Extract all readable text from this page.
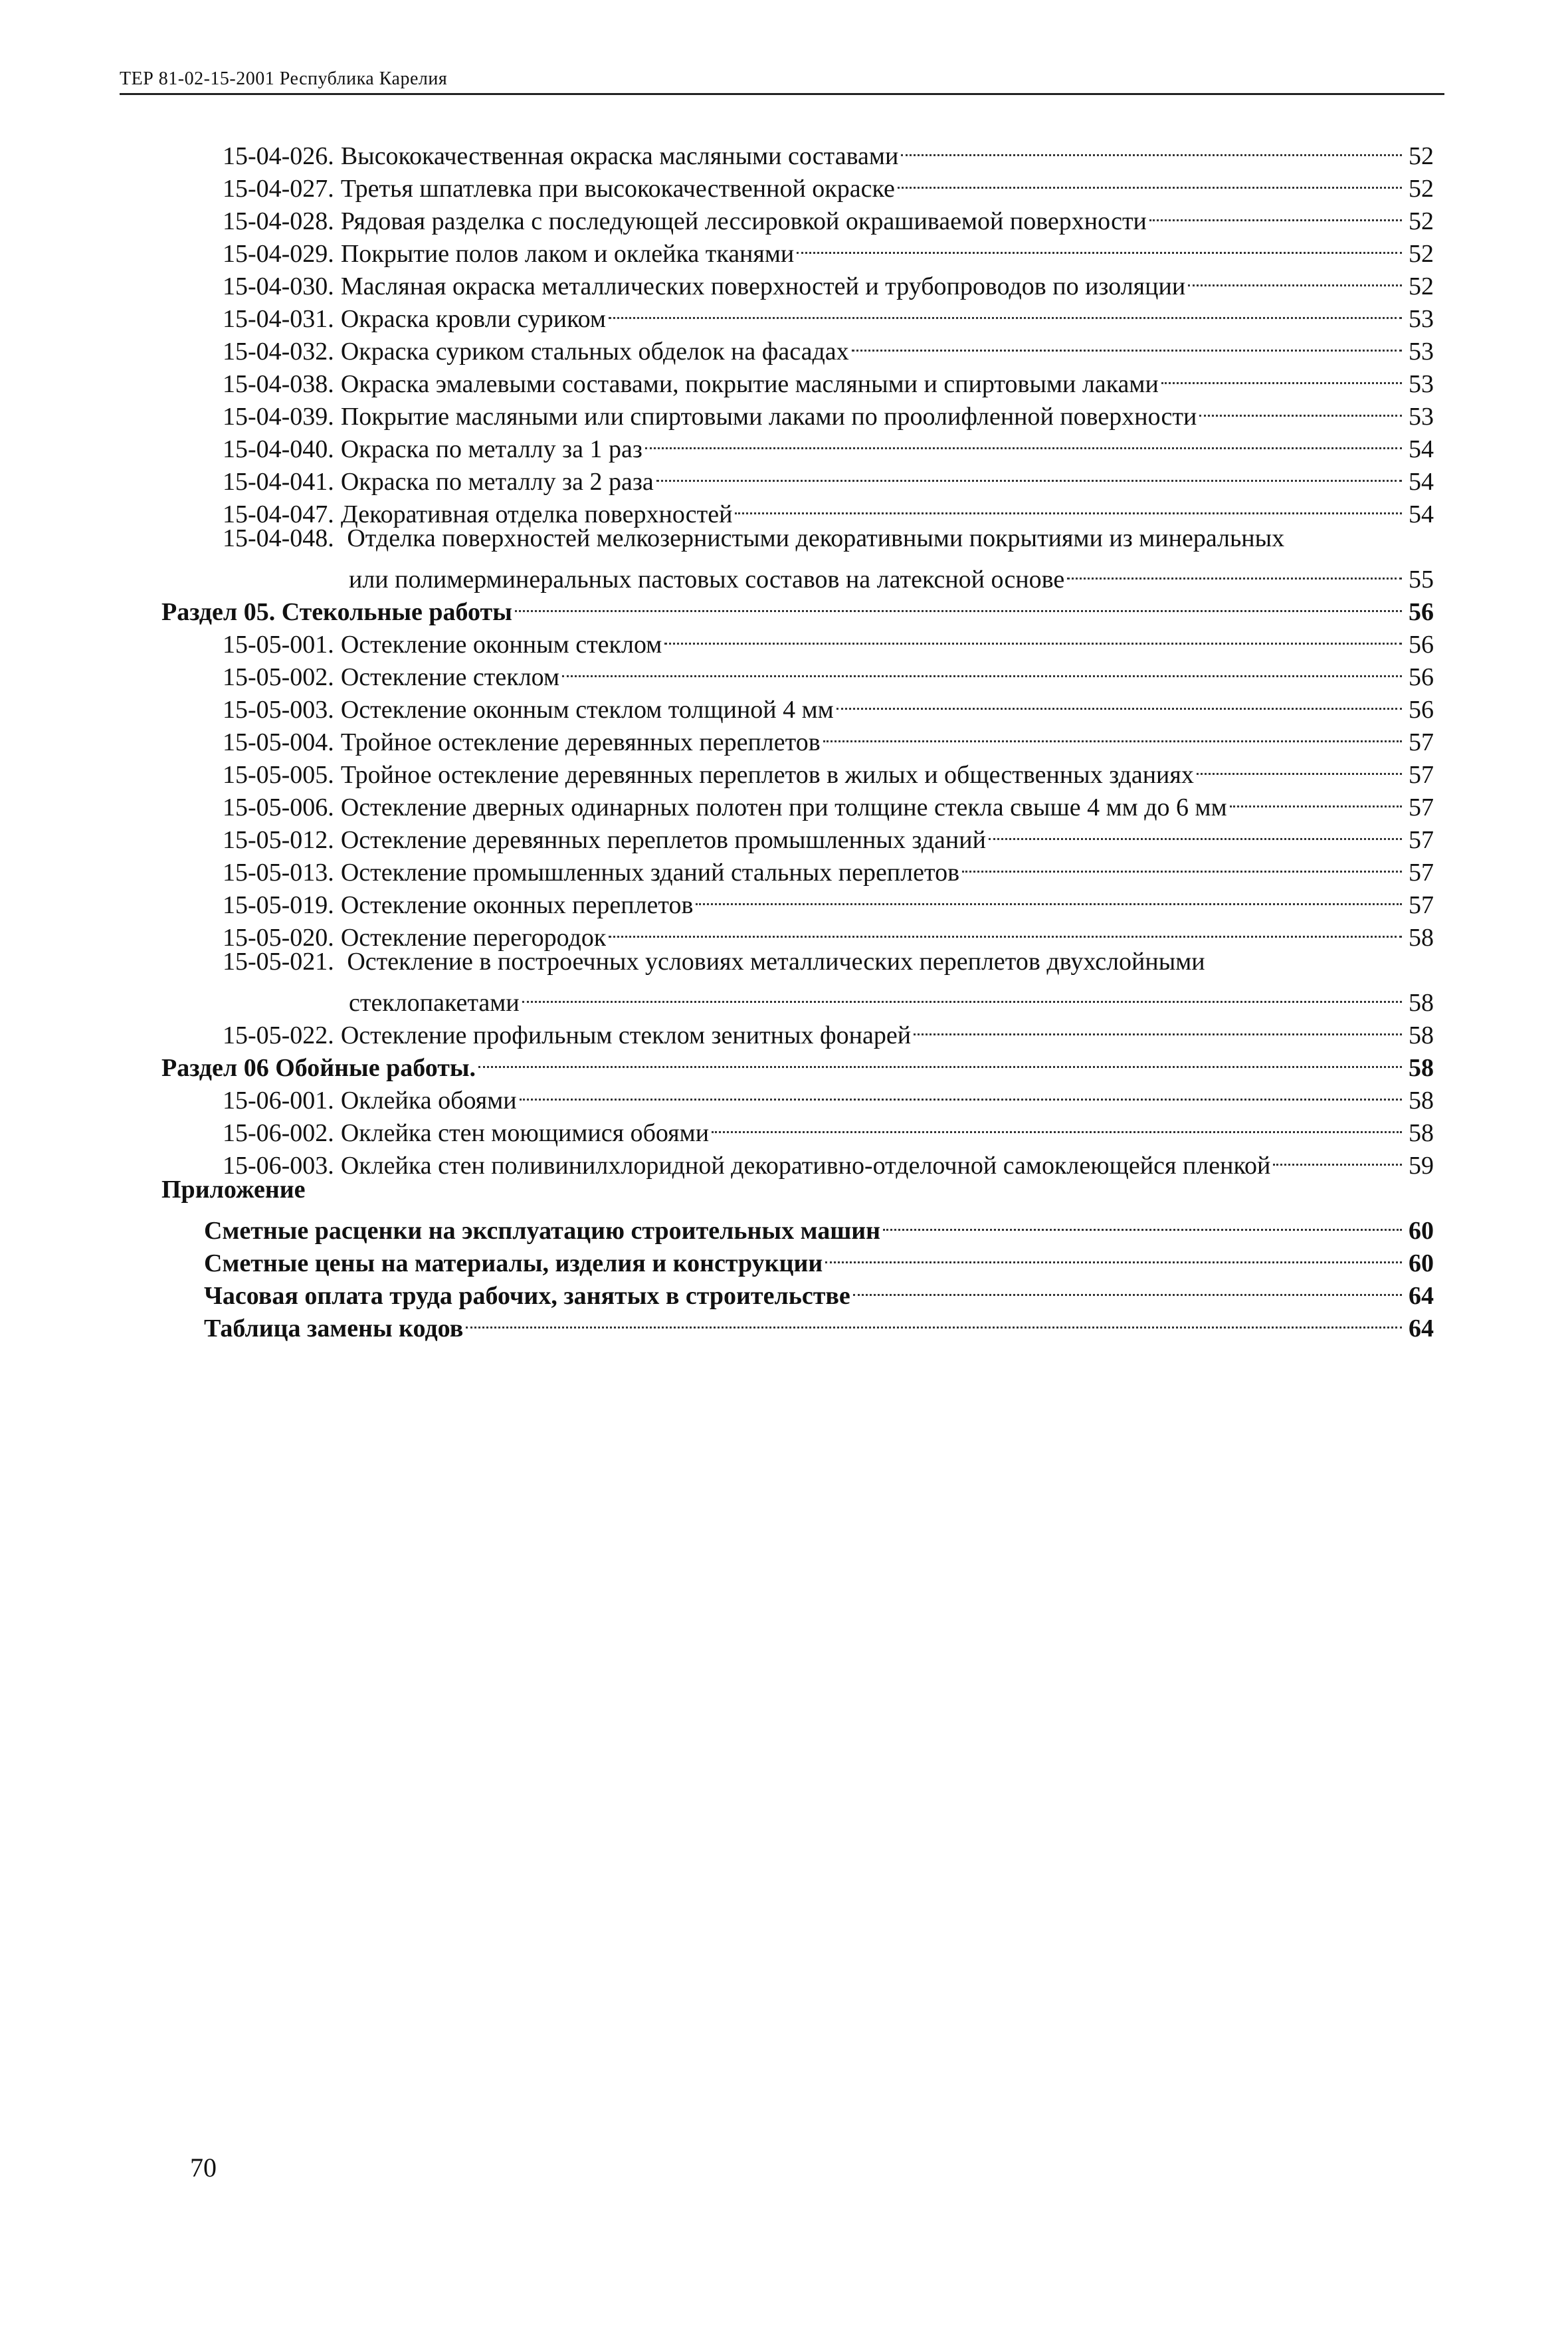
ТЕР 81-02-15-2001 Республика Карелия
15-04-026. Высококачественная окраска масляными составами	52
15-04-027. Третья шпатлевка при высококачественной окраске	52
15-04-028. Рядовая разделка с последующей лессировкой окрашиваемой поверхности	52
15-04-029. Покрытие полов лаком и оклейка тканями	52
15-04-030. Масляная окраска металлических поверхностей и трубопроводов по изоляции	52
15-04-031. Окраска кровли суриком	53
15-04-032. Окраска суриком стальных обделок на фасадах	53
15-04-038. Окраска эмалевыми составами, покрытие масляными и спиртовыми лаками	53
15-04-039. Покрытие масляными или спиртовыми лаками по проолифленной поверхности	53
15-04-040. Окраска по металлу за 1 раз	54
15-04-041. Окраска по металлу за 2 раза	54
15-04-047. Декоративная отделка поверхностей	54
15-04-048. Отделка поверхностей мелкозернистыми декоративными покрытиями из минеральных
или полимерминеральных пастовых составов на латексной основе	55
Раздел 05. Стекольные работы	56
15-05-001. Остекление оконным стеклом	56
15-05-002. Остекление стеклом	56
15-05-003. Остекление оконным стеклом толщиной 4 мм	56
15-05-004. Тройное остекление деревянных переплетов	57
15-05-005. Тройное остекление деревянных переплетов в жилых и общественных зданиях	57
15-05-006. Остекление дверных одинарных полотен при толщине стекла свыше 4 мм до 6 мм	57
15-05-012. Остекление деревянных переплетов промышленных зданий	57
15-05-013. Остекление промышленных зданий стальных переплетов	57
15-05-019. Остекление оконных переплетов	57
15-05-020. Остекление перегородок	58
15-05-021. Остекление в построечных условиях металлических переплетов двухслойными
стеклопакетами	58
15-05-022. Остекление профильным стеклом зенитных фонарей	58
Раздел 06 Обойные работы.	58
15-06-001. Оклейка обоями	58
15-06-002. Оклейка стен моющимися обоями	58
15-06-003. Оклейка стен поливинилхлоридной декоративно-отделочной самоклеющейся пленкой	59
Приложение
Сметные расценки на эксплуатацию строительных машин	60
Сметные цены на материалы, изделия и конструкции	60
Часовая оплата труда рабочих, занятых в строительстве	64
Таблица замены кодов	64
70
